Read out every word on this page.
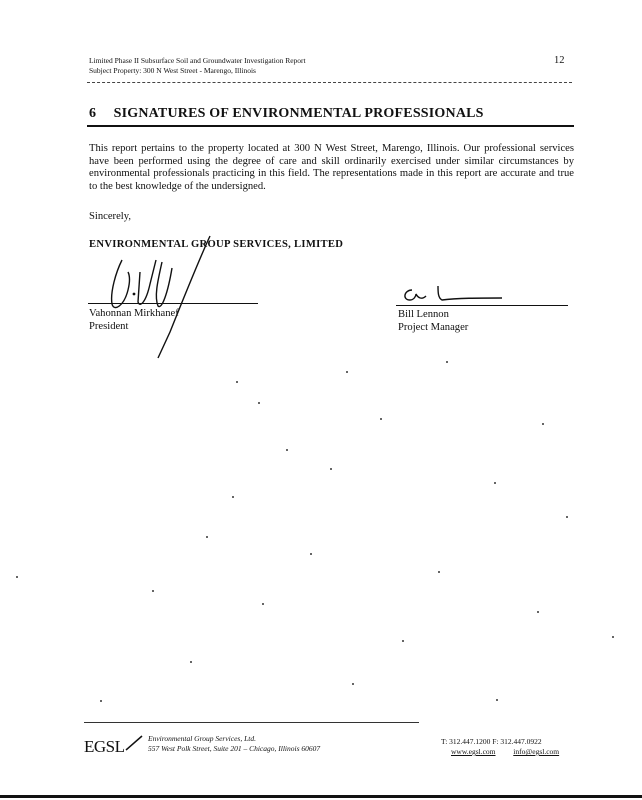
Limited Phase II Subsurface Soil and Groundwater Investigation Report
Subject Property: 300 N West Street - Marengo, Illinois
12
6 SIGNATURES OF ENVIRONMENTAL PROFESSIONALS
This report pertains to the property located at 300 N West Street, Marengo, Illinois. Our professional services have been performed using the degree of care and skill ordinarily exercised under similar circumstances by environmental professionals practicing in this field. The representations made in this report are accurate and true to the best knowledge of the undersigned.
Sincerely,
ENVIRONMENTAL GROUP SERVICES, LIMITED
Vahonnan Mirkhanef
President
Bill Lennon
Project Manager
EGSL	Environmental Group Services, Ltd.
557 West Polk Street, Suite 201 – Chicago, Illinois 60607
T: 312.447.1200 F: 312.447.0922
www.egsl.com info@egsl.com
